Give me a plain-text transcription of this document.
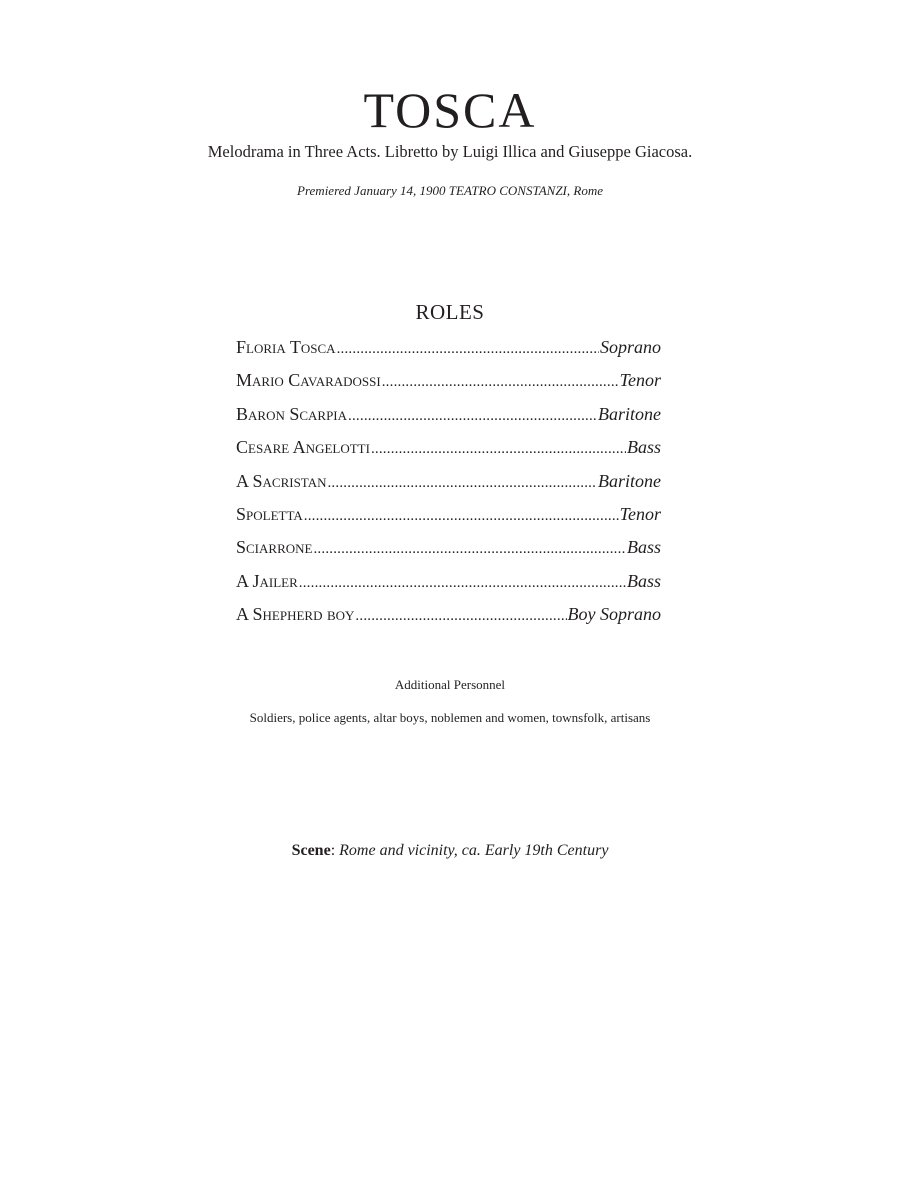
TOSCA
Melodrama in Three Acts. Libretto by Luigi Illica and Giuseppe Giacosa.
Premiered January 14, 1900 TEATRO CONSTANZI, Rome
ROLES
Floria Tosca .....	Soprano
Mario Cavaradossi .....	Tenor
Baron Scarpia .....	Baritone
Cesare Angelotti .....	Bass
A Sacristan .....	Baritone
Spoletta .....	Tenor
Sciarrone .....	Bass
A Jailer .....	Bass
A Shepherd boy .....	Boy Soprano
Additional Personnel
Soldiers, police agents, altar boys, noblemen and women, townsfolk, artisans
Scene: Rome and vicinity, ca. Early 19th Century
